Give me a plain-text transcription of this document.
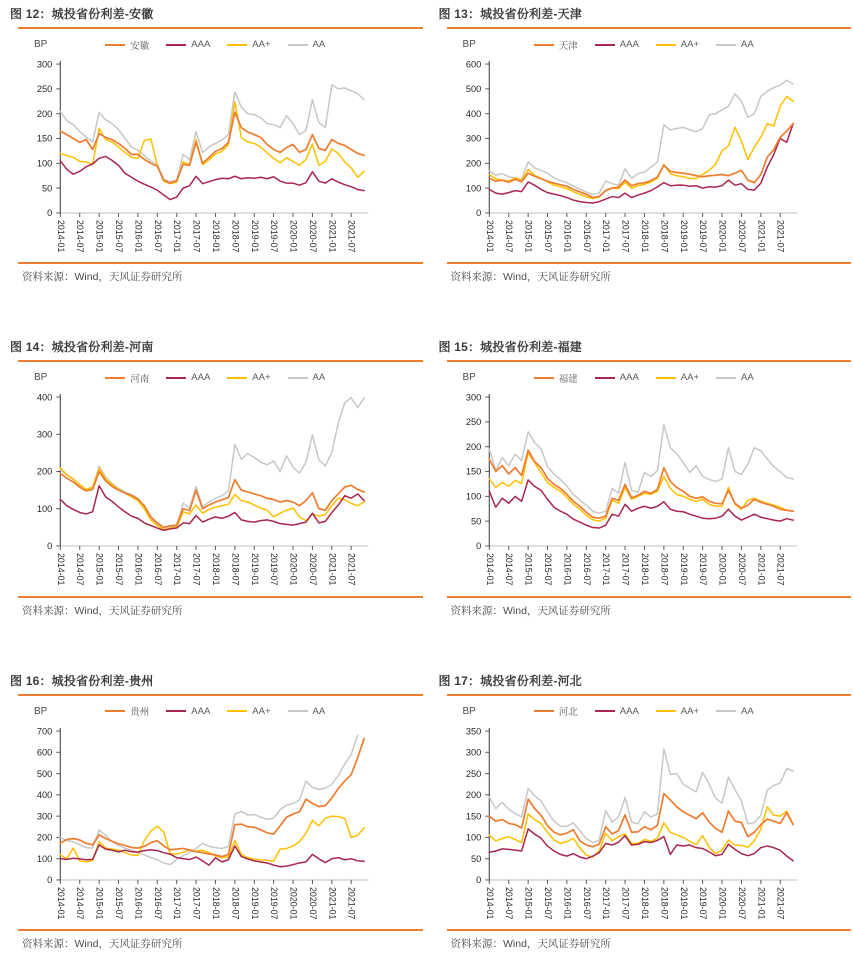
图 12：城投省份利差-安徽
BP	安徽	AAA	AA+	AA
0
50
100
150
200
250
300
2014-01 2014-07 2015-01 2015-07 2016-01 2016-07 2017-01 2017-07 2018-01 2018-07 2019-01 2019-07 2020-01 2020-07 2021-01 2021-07

资料来源：Wind，天风证券研究所

图 13：城投省份利差-天津
BP	天津	AAA	AA+	AA
0
100
200
300
400
500
600
2014-01 2014-07 2015-01 2015-07 2016-01 2016-07 2017-01 2017-07 2018-01 2018-07 2019-01 2019-07 2020-01 2020-07 2021-01 2021-07

资料来源：Wind，天风证券研究所

图 14：城投省份利差-河南
BP	河南	AAA	AA+	AA
0
100
200
300
400
2014-01 2014-07 2015-01 2015-07 2016-01 2016-07 2017-01 2017-07 2018-01 2018-07 2019-01 2019-07 2020-01 2020-07 2021-01 2021-07

资料来源：Wind，天风证券研究所

图 15：城投省份利差-福建
BP	福建	AAA	AA+	AA
0
50
100
150
200
250
300
2014-01 2014-07 2015-01 2015-07 2016-01 2016-07 2017-01 2017-07 2018-01 2018-07 2019-01 2019-07 2020-01 2020-07 2021-01 2021-07

资料来源：Wind，天风证券研究所

图 16：城投省份利差-贵州
BP	贵州	AAA	AA+	AA
0
100
200
300
400
500
600
700
2014-01 2014-07 2015-01 2015-07 2016-01 2016-07 2017-01 2017-07 2018-01 2018-07 2019-01 2019-07 2020-01 2020-07 2021-01 2021-07

资料来源：Wind，天风证券研究所

图 17：城投省份利差-河北
BP	河北	AAA	AA+	AA
0
50
100
150
200
250
300
350
2014-01 2014-07 2015-01 2015-07 2016-01 2016-07 2017-01 2017-07 2018-01 2018-07 2019-01 2019-07 2020-01 2020-07 2021-01 2021-07

资料来源：Wind，天风证券研究所
